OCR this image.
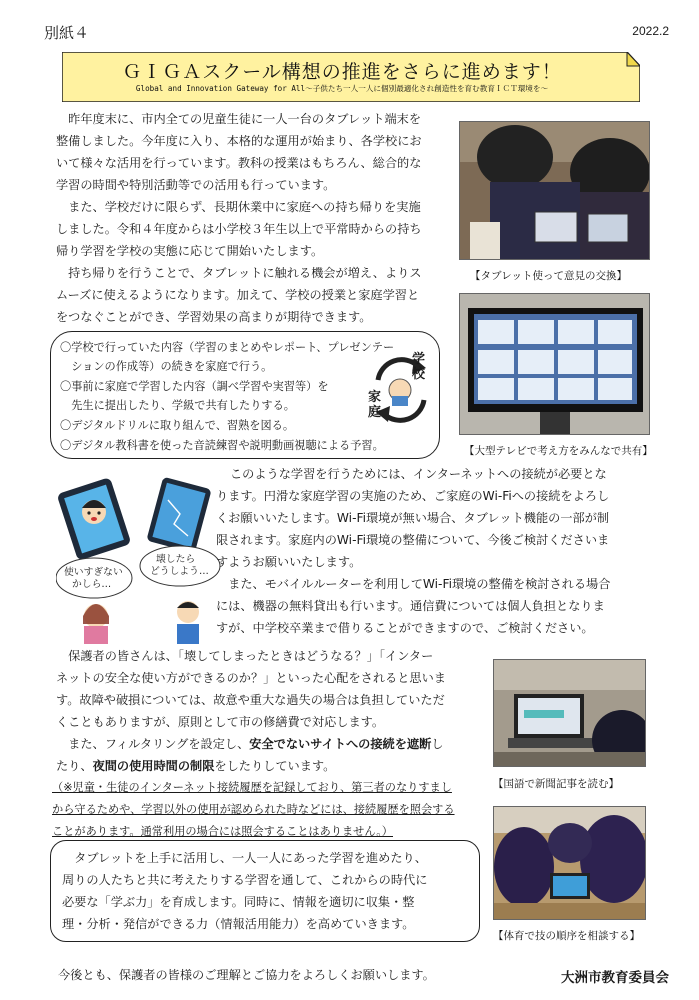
別紙４	2022.2
ＧＩＧＡスクール構想の推進をさらに進めます！
Global and Innovation Gateway for All～子供たち一人一人に個別最適化され創造性を育む教育ＩＣＴ環境を～
　昨年度末に、市内全ての児童生徒に一人一台のタブレット端末を
整備しました。今年度に入り、本格的な運用が始まり、各学校にお
いて様々な活用を行っています。教科の授業はもちろん、総合的な
学習の時間や特別活動等での活用も行っています。
　また、学校だけに限らず、長期休業中に家庭への持ち帰りを実施
しました。令和４年度からは小学校３年生以上で平常時からの持ち
帰り学習を学校の実態に応じて開始いたします。
　持ち帰りを行うことで、タブレットに触れる機会が増え、よりス
ムーズに使えるようになります。加えて、学校の授業と家庭学習と
をつなぐことができ、学習効果の高まりが期待できます。
【タブレット使って意見の交換】
【大型テレビで考え方をみんなで共有】
〇学校で行っていた内容（学習のまとめやレポート、プレゼンテー
　ションの作成等）の続きを家庭で行う。
〇事前に家庭で学習した内容（調べ学習や実習等）を
　先生に提出したり、学級で共有したりする。
〇デジタルドリルに取り組んで、習熟を図る。
〇デジタル教科書を使った音読練習や説明動画視聴による予習。
学校
家庭
使いすぎない
かしら…
壊したら
どうしよう…
このような学習を行うためには、インターネットへの接続が必要とな
ります。円滑な家庭学習の実施のため、ご家庭のWi-Fiへの接続をよろし
くお願いいたします。Wi-Fi環境が無い場合、タブレット機能の一部が制
限されます。家庭内のWi-Fi環境の整備について、今後ご検討くださいま
すようお願いいたします。
　また、モバイルルーターを利用してWi-Fi環境の整備を検討される場合
には、機器の無料貸出も行います。通信費については個人負担となりま
すが、中学校卒業まで借りることができますので、ご検討ください。
　保護者の皆さんは、「壊してしまったときはどうなる？」「インター
ネットの安全な使い方ができるのか？」といった心配をされると思いま
す。故障や破損については、故意や重大な過失の場合は負担していただ
くこともありますが、原則として市の修繕費で対応します。
　また、フィルタリングを設定し、安全でないサイトへの接続を遮断し
たり、夜間の使用時間の制限をしたりしています。
（※児童・生徒のインターネット接続履歴を記録しており、第三者のなりすまし
から守るためや、学習以外の使用が認められた時などには、接続履歴を照会する
ことがあります。通常利用の場合には照会することはありません。）
【国語で新聞記事を読む】
【体育で技の順序を相談する】
　タブレットを上手に活用し、一人一人にあった学習を進めたり、
周りの人たちと共に考えたりする学習を通して、これからの時代に
必要な「学ぶ力」を育成します。同時に、情報を適切に収集・整
理・分析・発信ができる力（情報活用能力）を高めていきます。
今後とも、保護者の皆様のご理解とご協力をよろしくお願いします。	大洲市教育委員会
